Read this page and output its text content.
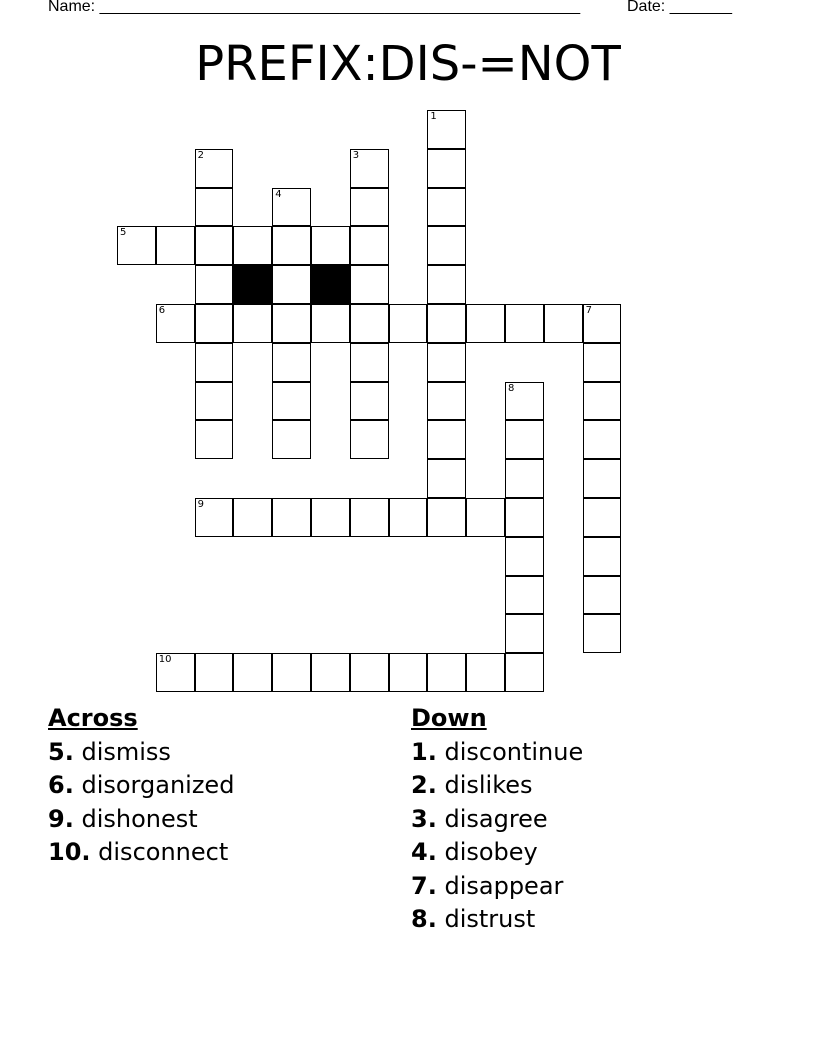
Name: ______________________________________________________	Date: _______
PREFIX:DIS-=NOT
1
2	3
4
5
6	7
8
9
10
Across
5. dismiss
6. disorganized
9. dishonest
10. disconnect
Down
1. discontinue
2. dislikes
3. disagree
4. disobey
7. disappear
8. distrust
